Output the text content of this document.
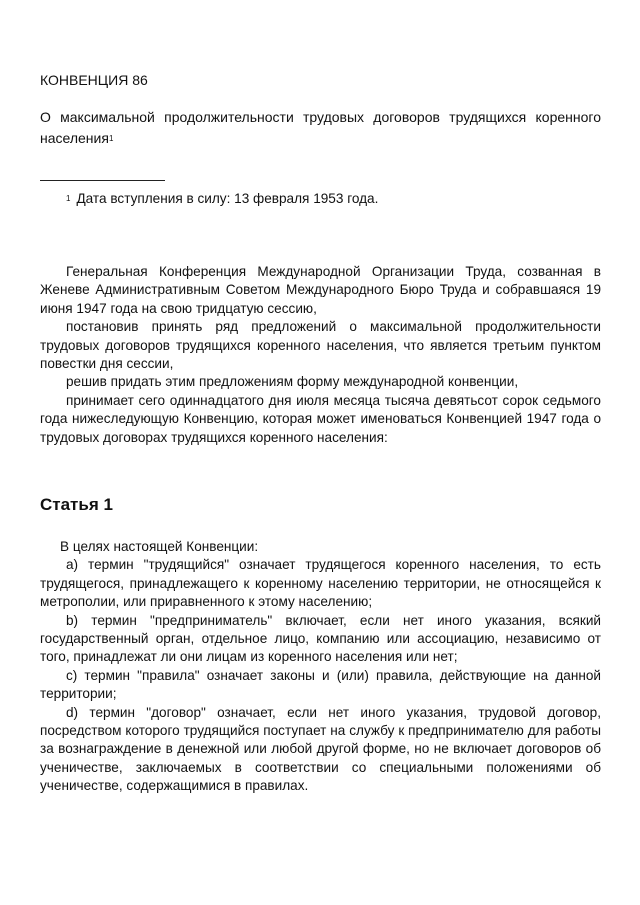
КОНВЕНЦИЯ 86
О максимальной продолжительности трудовых договоров трудящихся коренного населения$^1$
$^1$ Дата вступления в силу: 13 февраля 1953 года.

Генеральная Конференция Международной Организации Труда, созванная в Женеве Административным Советом Международного Бюро Труда и собравшаяся 19 июня 1947 года на свою тридцатую сессию,

постановив принять ряд предложений о максимальной продолжительности трудовых договоров трудящихся коренного населения, что является третьим пунктом повестки дня сессии,

решив придать этим предложениям форму международной конвенции,

принимает сего одиннадцатого дня июля месяца тысяча девятьсот сорок седьмого года нижеследующую Конвенцию, которая может именоваться Конвенцией 1947 года о трудовых договорах трудящихся коренного населения:

Статья 1

В целях настоящей Конвенции:

a) термин "трудящийся" означает трудящегося коренного населения, то есть трудящегося, принадлежащего к коренному населению территории, не относящейся к метрополии, или приравненного к этому населению;

b) термин "предприниматель" включает, если нет иного указания, всякий государственный орган, отдельное лицо, компанию или ассоциацию, независимо от того, принадлежат ли они лицам из коренного населения или нет;

c) термин "правила" означает законы и (или) правила, действующие на данной территории;

d) термин "договор" означает, если нет иного указания, трудовой договор, посредством которого трудящийся поступает на службу к предпринимателю для работы за вознаграждение в денежной или любой другой форме, но не включает договоров об ученичестве, заключаемых в соответствии со специальными положениями об ученичестве, содержащимися в правилах.
